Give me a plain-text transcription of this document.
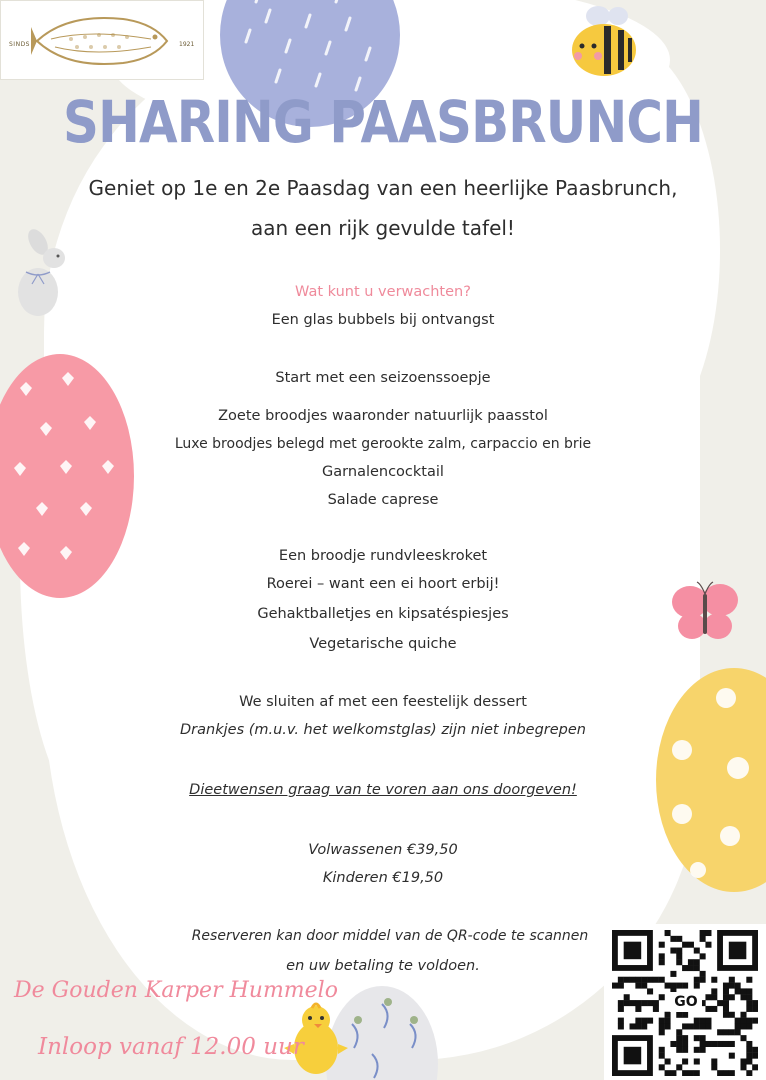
SINDS	1921
SHARING PAASBRUNCH
Geniet op 1e en 2e Paasdag van een heerlijke Paasbrunch,
aan een rijk gevulde tafel!
Wat kunt u verwachten?
Een glas bubbels bij ontvangst
Start met een seizoenssoepje
Zoete broodjes waaronder natuurlijk paasstol
Luxe broodjes belegd met gerookte zalm, carpaccio en brie
Garnalencocktail
Salade caprese
Een broodje rundvleeskroket
Roerei – want een ei hoort erbij!
Gehaktballetjes en kipsatéspiesjes
Vegetarische quiche
We sluiten af met een feestelijk dessert
Drankjes (m.u.v. het welkomstglas) zijn niet inbegrepen
Dieetwensen graag van te voren aan ons doorgeven!
Volwassenen €39,50
Kinderen €19,50
Reserveren kan door middel van de QR-code te scannen
en uw betaling te voldoen.
De Gouden Karper Hummelo
Inloop vanaf 12.00 uur
GO
